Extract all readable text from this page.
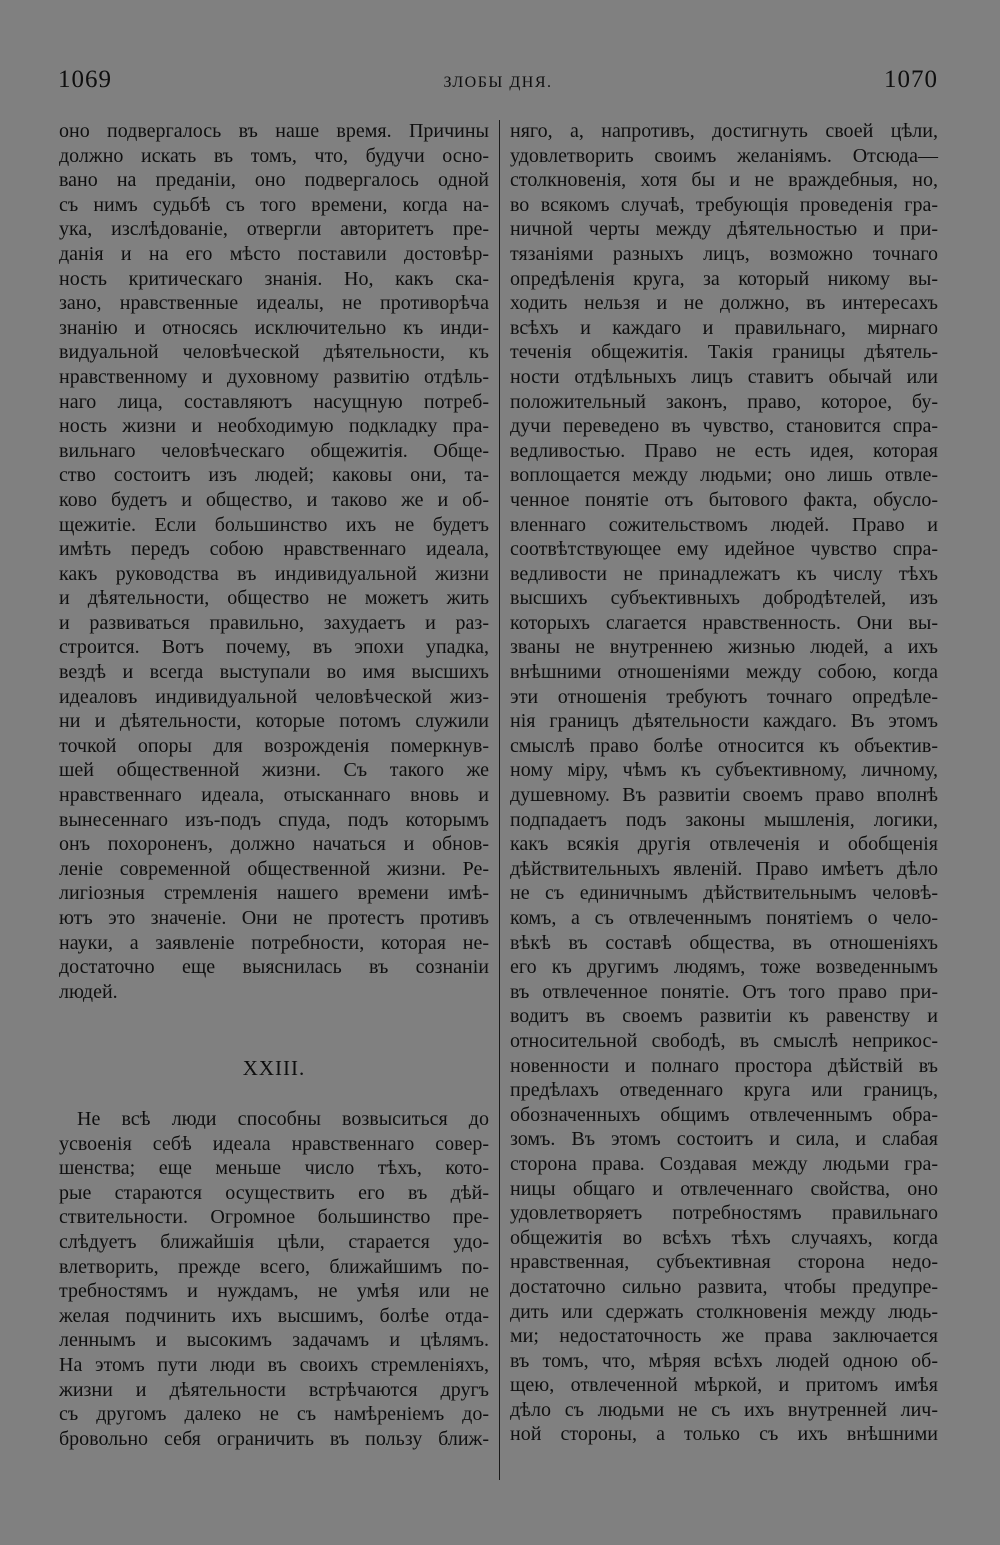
1069	ЗЛОБЫ ДНЯ.	1070
оно подвергалось въ наше время. Причины
должно искать въ томъ, что, будучи осно-
вано на преданіи, оно подвергалось одной
съ нимъ судьбѣ съ того времени, когда на-
ука, изслѣдованіе, отвергли авторитетъ пре-
данія и на его мѣсто поставили достовѣр-
ность критическаго знанія. Но, какъ ска-
зано, нравственные идеалы, не противорѣча
знанію и относясь исключительно къ инди-
видуальной человѣческой дѣятельности, къ
нравственному и духовному развитію отдѣль-
наго лица, составляютъ насущную потреб-
ность жизни и необходимую подкладку пра-
вильнаго человѣческаго общежитія. Обще-
ство состоитъ изъ людей; каковы они, та-
ково будетъ и общество, и таково же и об-
щежитіе. Если большинство ихъ не будетъ
имѣть передъ собою нравственнаго идеала,
какъ руководства въ индивидуальной жизни
и дѣятельности, общество не можетъ жить
и развиваться правильно, захудаетъ и раз-
строится. Вотъ почему, въ эпохи упадка,
вездѣ и всегда выступали во имя высшихъ
идеаловъ индивидуальной человѣческой жиз-
ни и дѣятельности, которые потомъ служили
точкой опоры для возрожденія померкнув-
шей общественной жизни. Съ такого же
нравственнаго идеала, отысканнаго вновь и
вынесеннаго изъ-подъ спуда, подъ которымъ
онъ похороненъ, должно начаться и обнов-
леніе современной общественной жизни. Ре-
лигіозныя стремленія нашего времени имѣ-
ютъ это значеніе. Они не протестъ противъ
науки, а заявленіе потребности, которая не-
достаточно еще выяснилась въ сознаніи
людей.
XXIII.
Не всѣ люди способны возвыситься до
усвоенія себѣ идеала нравственнаго совер-
шенства; еще меньше число тѣхъ, кото-
рые стараются осуществить его въ дѣй-
ствительности. Огромное большинство пре-
слѣдуетъ ближайшія цѣли, старается удо-
влетворить, прежде всего, ближайшимъ по-
требностямъ и нуждамъ, не умѣя или не
желая подчинить ихъ высшимъ, болѣе отда-
леннымъ и высокимъ задачамъ и цѣлямъ.
На этомъ пути люди въ своихъ стремленіяхъ,
жизни и дѣятельности встрѣчаются другъ
съ другомъ далеко не съ намѣреніемъ до-
бровольно себя ограничить въ пользу ближ-
няго, а, напротивъ, достигнуть своей цѣли,
удовлетворить своимъ желаніямъ. Отсюда—
столкновенія, хотя бы и не враждебныя, но,
во всякомъ случаѣ, требующія проведенія гра-
ничной черты между дѣятельностью и при-
тязаніями разныхъ лицъ, возможно точнаго
опредѣленія круга, за который никому вы-
ходить нельзя и не должно, въ интересахъ
всѣхъ и каждаго и правильнаго, мирнаго
теченія общежитія. Такія границы дѣятель-
ности отдѣльныхъ лицъ ставитъ обычай или
положительный законъ, право, которое, бу-
дучи переведено въ чувство, становится спра-
ведливостью. Право не есть идея, которая
воплощается между людьми; оно лишь отвле-
ченное понятіе отъ бытового факта, обусло-
вленнаго сожительствомъ людей. Право и
соотвѣтствующее ему идейное чувство спра-
ведливости не принадлежатъ къ числу тѣхъ
высшихъ субъективныхъ добродѣтелей, изъ
которыхъ слагается нравственность. Они вы-
званы не внутреннею жизнью людей, а ихъ
внѣшними отношеніями между собою, когда
эти отношенія требуютъ точнаго опредѣле-
нія границъ дѣятельности каждаго. Въ этомъ
смыслѣ право болѣе относится къ объектив-
ному міру, чѣмъ къ субъективному, личному,
душевному. Въ развитіи своемъ право вполнѣ
подпадаетъ подъ законы мышленія, логики,
какъ всякія другія отвлеченія и обобщенія
дѣйствительныхъ явленій. Право имѣетъ дѣло
не съ единичнымъ дѣйствительнымъ человѣ-
комъ, а съ отвлеченнымъ понятіемъ о чело-
вѣкѣ въ составѣ общества, въ отношеніяхъ
его къ другимъ людямъ, тоже возведеннымъ
въ отвлеченное понятіе. Отъ того право при-
водитъ въ своемъ развитіи къ равенству и
относительной свободѣ, въ смыслѣ неприкос-
новенности и полнаго простора дѣйствій въ
предѣлахъ отведеннаго круга или границъ,
обозначенныхъ общимъ отвлеченнымъ обра-
зомъ. Въ этомъ состоитъ и сила, и слабая
сторона права. Создавая между людьми гра-
ницы общаго и отвлеченнаго свойства, оно
удовлетворяетъ потребностямъ правильнаго
общежитія во всѣхъ тѣхъ случаяхъ, когда
нравственная, субъективная сторона недо-
достаточно сильно развита, чтобы предупре-
дить или сдержать столкновенія между людь-
ми; недостаточность же права заключается
въ томъ, что, мѣряя всѣхъ людей одною об-
щею, отвлеченной мѣркой, и притомъ имѣя
дѣло съ людьми не съ ихъ внутренней лич-
ной стороны, а только съ ихъ внѣшними
